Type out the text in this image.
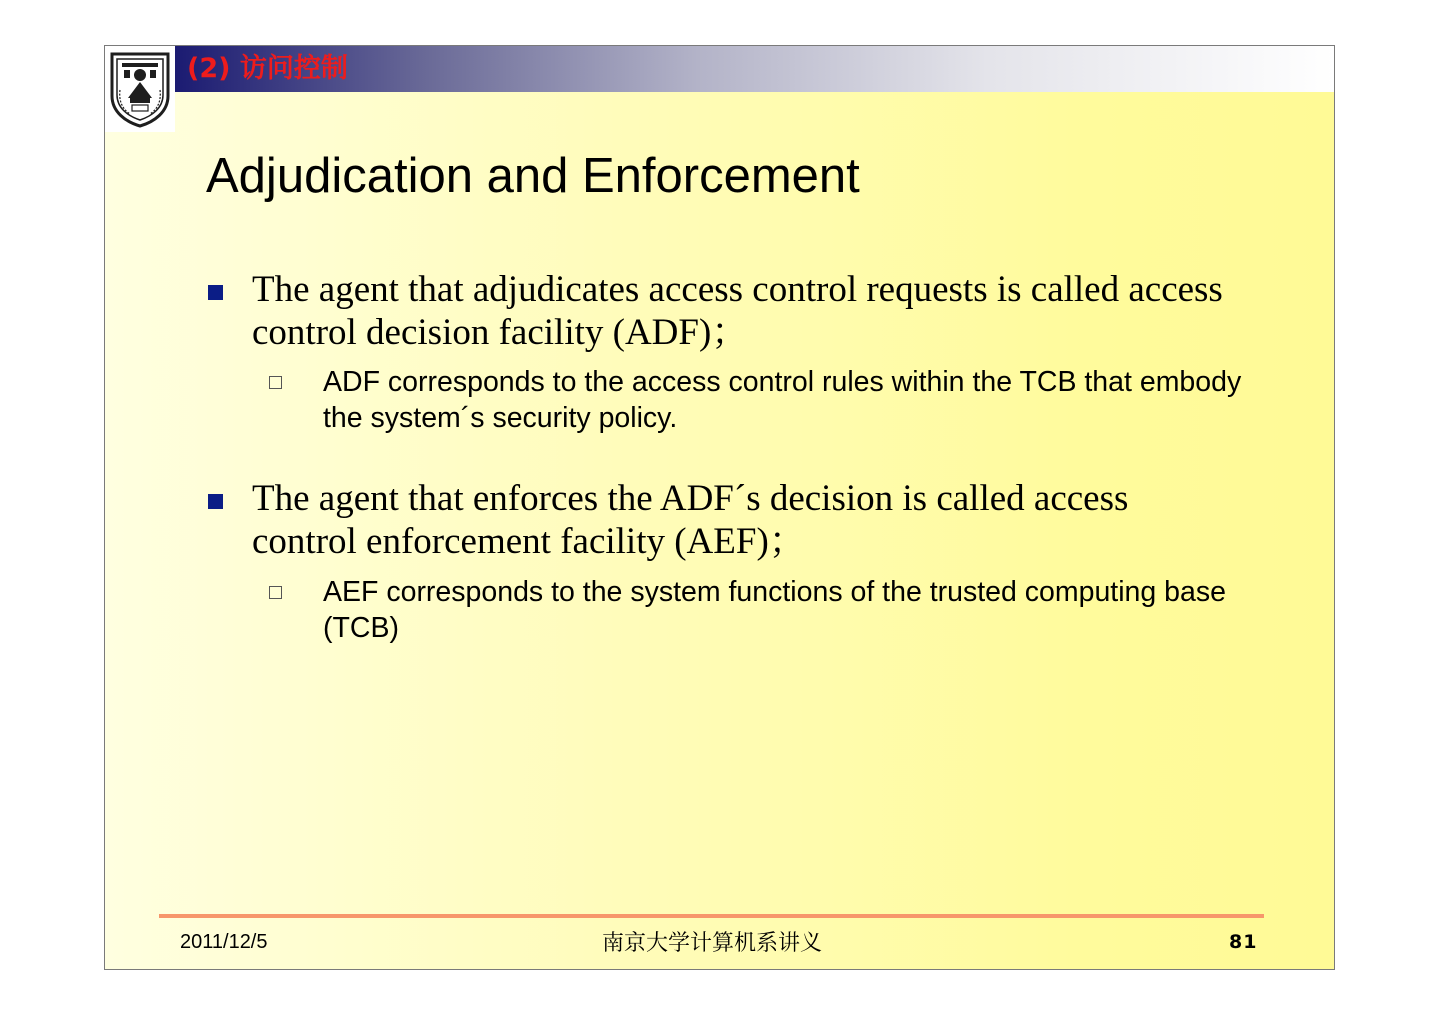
(2) 访问控制
Adjudication and Enforcement
The agent that adjudicates access control requests is called access control decision facility (ADF)；
ADF corresponds to the access control rules within the TCB that embody the system´s security policy.
The agent that enforces the ADF´s decision is called access control enforcement facility (AEF)；
AEF corresponds to the system functions of the trusted computing base (TCB)
2011/12/5	南京大学计算机系讲义	81
